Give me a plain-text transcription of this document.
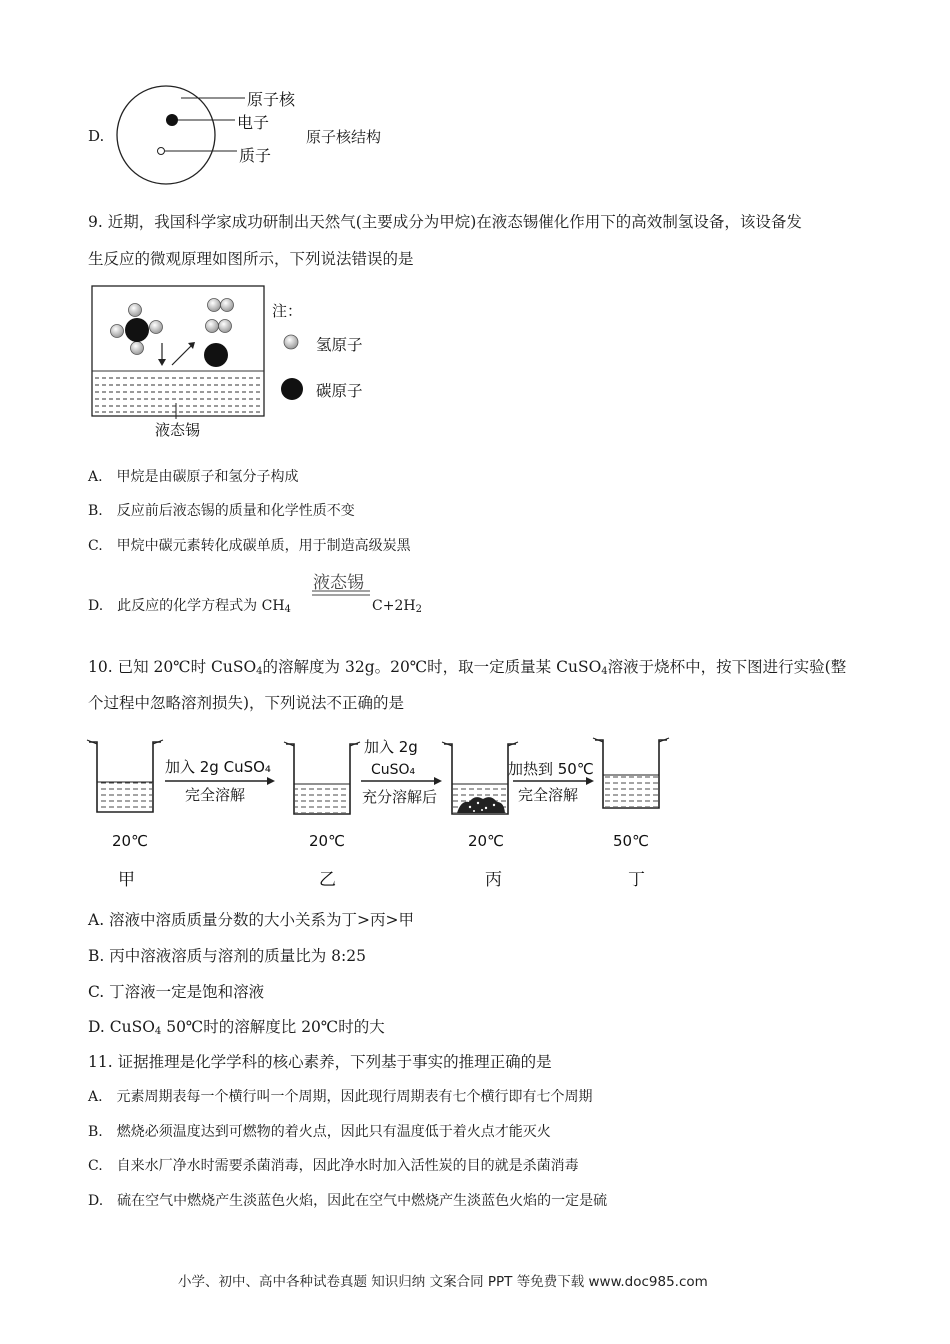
D.
原子核
电子
质子
原子核结构
9. 近期，我国科学家成功研制出天然气(主要成分为甲烷)在液态锡催化作用下的高效制氢设备，该设备发
生反应的微观原理如图所示，下列说法错误的是
液态锡
注：
氢原子
碳原子
A.　甲烷是由碳原子和氢分子构成
B.　反应前后液态锡的质量和化学性质不变
C.　甲烷中碳元素转化成碳单质，用于制造高级炭黑
D.　此反应的化学方程式为 $CH_4$
液态锡
$C+2H_2$
10. 已知 20℃时 CuSO$_4$的溶解度为 32g。20℃时，取一定质量某 CuSO$_4$溶液于烧杯中，按下图进行实验(整
个过程中忽略溶剂损失)，下列说法不正确的是
加入 2g CuSO₄
完全溶解
加入 2g
CuSO₄
充分溶解后
加热到 50℃
完全溶解
20℃	20℃	20℃	50℃
甲	乙	丙	丁
A. 溶液中溶质质量分数的大小关系为丁>丙>甲
B. 丙中溶液溶质与溶剂的质量比为 8:25
C. 丁溶液一定是饱和溶液
D. CuSO$_4$ 50℃时的溶解度比 20℃时的大
11. 证据推理是化学学科的核心素养，下列基于事实的推理正确的是
A.　元素周期表每一个横行叫一个周期，因此现行周期表有七个横行即有七个周期
B.　燃烧必须温度达到可燃物的着火点，因此只有温度低于着火点才能灭火
C.　自来水厂净水时需要杀菌消毒，因此净水时加入活性炭的目的就是杀菌消毒
D.　硫在空气中燃烧产生淡蓝色火焰，因此在空气中燃烧产生淡蓝色火焰的一定是硫
小学、初中、高中各种试卷真题 知识归纳 文案合同 PPT 等免费下载 www.doc985.com
